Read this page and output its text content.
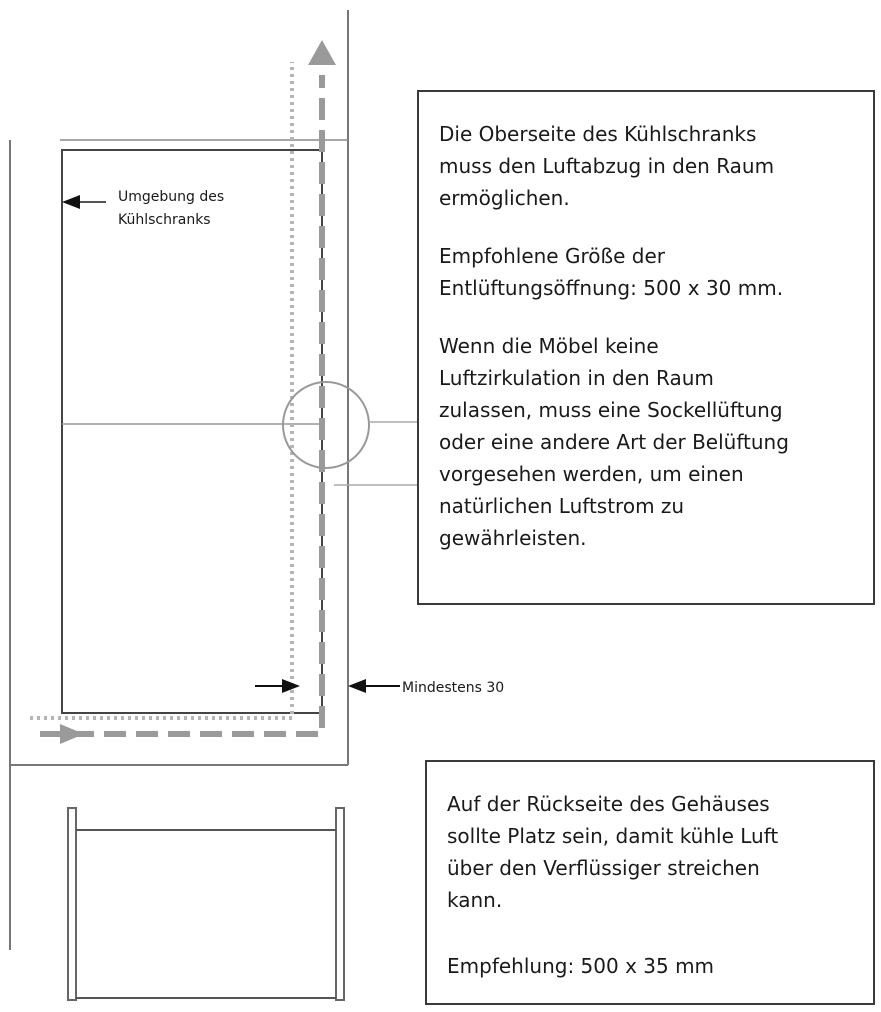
Umgebung des
Kühlschranks
Mindestens 30

Die Oberseite des Kühlschranks
muss den Luftabzug in den Raum
ermöglichen.

Empfohlene Größe der
Entlüftungsöffnung: 500 x 30 mm.

Wenn die Möbel keine
Luftzirkulation in den Raum
zulassen, muss eine Sockellüftung
oder eine andere Art der Belüftung
vorgesehen werden, um einen
natürlichen Luftstrom zu
gewährleisten.

Auf der Rückseite des Gehäuses
sollte Platz sein, damit kühle Luft
über den Verflüssiger streichen
kann.

Empfehlung: 500 x 35 mm
